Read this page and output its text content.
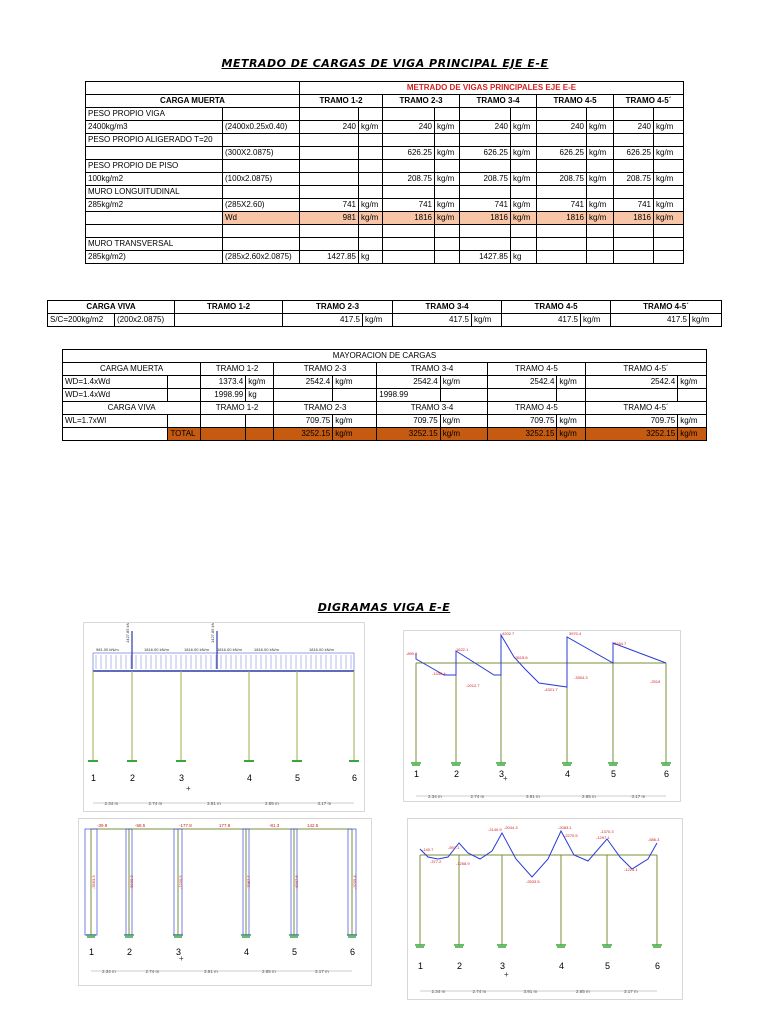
METRADO DE CARGAS DE VIGA PRINCIPAL EJE E-E
		METRADO DE VIGAS PRINCIPALES EJE E-E									
CARGA MUERTA		TRAMO 1-2		TRAMO 2-3		TRAMO 3-4		TRAMO 4-5		TRAMO 4-5´	
PESO PROPIO VIGA											
2400kg/m3	(2400x0.25x0.40)	240	kg/m	240	kg/m	240	kg/m	240	kg/m	240	kg/m
PESO PROPIO ALIGERADO T=20											
	(300X2.0875)			626.25	kg/m	626.25	kg/m	626.25	kg/m	626.25	kg/m
PESO PROPIO DE PISO											
100kg/m2	(100x2.0875)			208.75	kg/m	208.75	kg/m	208.75	kg/m	208.75	kg/m
MURO LONGUITUDINAL											
285kg/m2	(285X2.60)	741	kg/m	741	kg/m	741	kg/m	741	kg/m	741	kg/m
	Wd	981	kg/m	1816	kg/m	1816	kg/m	1816	kg/m	1816	kg/m

MURO TRANSVERSAL											
285kg/m2)	(285x2.60x2.0875)	1427.85	kg			1427.85	kg				
CARGA VIVA		TRAMO 1-2	TRAMO 2-3		TRAMO 3-4		TRAMO 4-5		TRAMO 4-5´	
S/C=200kg/m2	(200x2.0875)		417.5	kg/m	417.5	kg/m	417.5	kg/m	417.5	kg/m
MAYORACION DE CARGAS											
CARGA MUERTA		TRAMO 1-2		TRAMO 2-3		TRAMO 3-4		TRAMO 4-5		TRAMO 4-5´	
WD=1.4xWd		1373.4	kg/m	2542.4	kg/m	2542.4	kg/m	2542.4	kg/m	2542.4	kg/m
WD=1.4xWd		1998.99	kg			1998.99					
CARGA VIVA		TRAMO 1-2		TRAMO 2-3		TRAMO 3-4		TRAMO 4-5		TRAMO 4-5´	
WL=1.7xWl				709.75	kg/m	709.75	kg/m	709.75	kg/m	709.75	kg/m
	TOTAL			3252.15	kg/m	3252.15	kg/m	3252.15	kg/m	3252.15	kg/m
DIGRAMAS VIGA E-E
981.00 kN/m	1816.00 kN/m	1816.00 kN/m 1816.00 kN/m	1816.00 kN/m	1816.00 kN/m
1427.85 kN	1427.85 kN
1	2	3	4	5	6
2.34 m	2.74 m	3.91 m	2.85 m	3.17 m
+
1	2	3	4	5	6
2.34 m	2.74 m	3.91 m	2.85 m	3.17 m
-890.1
-1330.4
1622.1
-2012.7
4202.7
-3515.6
-4321.7
3970.4
-3304.3
3164.7
-2519
+
1	2	3	4	5	6
2.34 m	2.74 m	3.91 m	2.85 m	3.17 m
-39.9	-58.5	-177.8	177.8	-81.3	142.5
-3563.3	-5930.3	-7220.5	-7057.7	-6207.6	-3209.4
+
1	2	3	4	5	6
2.34 m	2.74 m	3.91 m	2.85 m	3.17 m
-140.7
-377.2
-597.1
-1258.9
-2140.9 -2044.3	-2083.1
-2270.5	-1297.1
-1370.3
-1225.1
-586.3
-2533.5
+
